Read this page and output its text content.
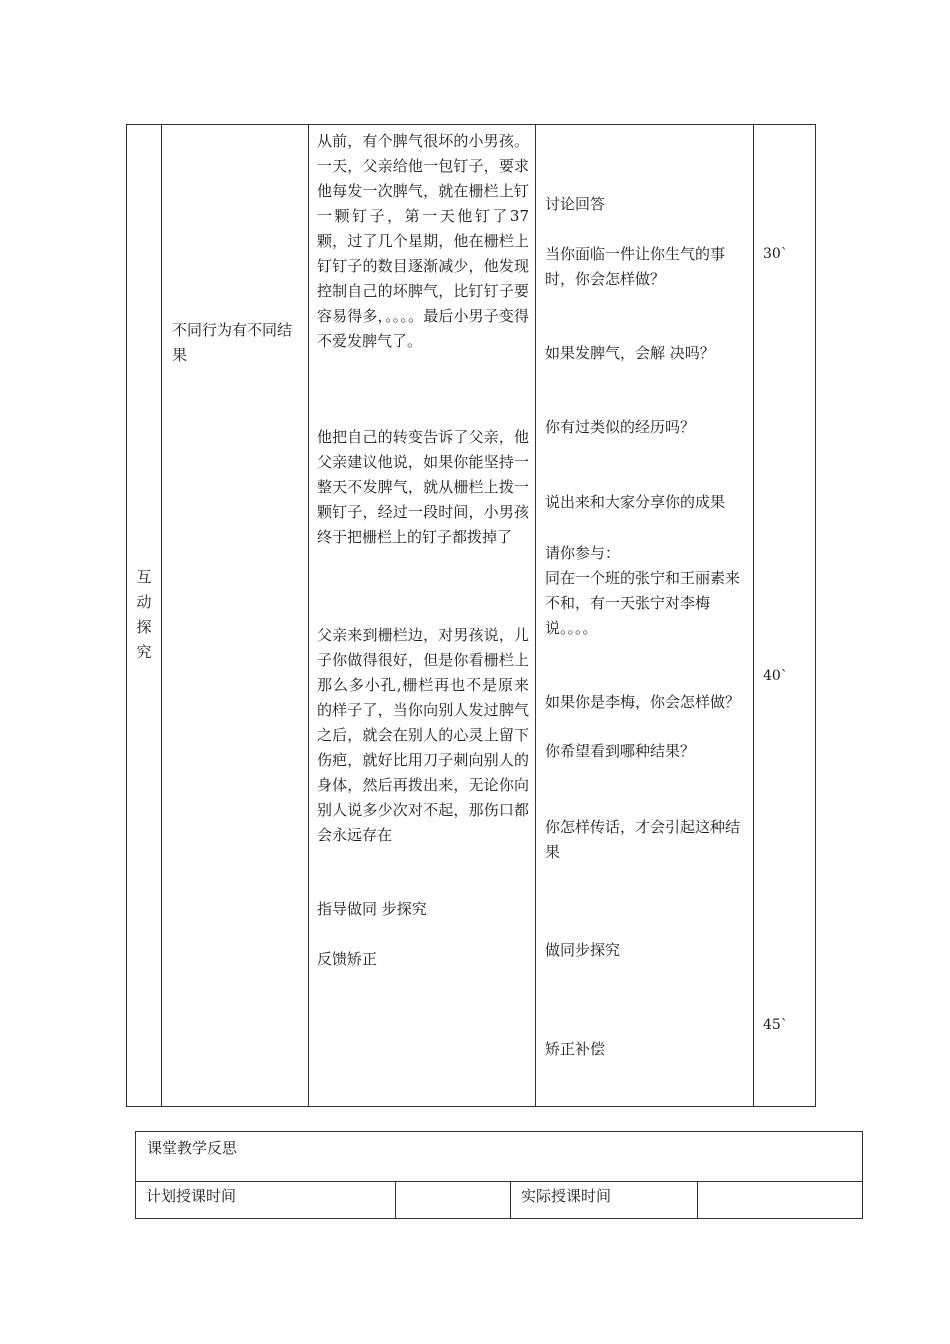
互
动
探
究
不同行为有不同结果
从前，有个脾气很坏的小男孩。一天，父亲给他一包钉子，要求他每发一次脾气，就在栅栏上钉一颗钉子，第一天他钉了37颗，过了几个星期，他在栅栏上钉钉子的数目逐渐减少，他发现控制自己的坏脾气，比钉钉子要容易得多，。。。。最后小男子变得不爱发脾气了。
他把自己的转变告诉了父亲，他父亲建议他说，如果你能坚持一整天不发脾气，就从栅栏上拨一颗钉子，经过一段时间，小男孩终于把栅栏上的钉子都拨掉了
父亲来到栅栏边，对男孩说，儿子你做得很好，但是你看栅栏上那么多小孔,栅栏再也不是原来的样子了，当你向别人发过脾气之后，就会在别人的心灵上留下伤疤，就好比用刀子刺向别人的身体，然后再拨出来，无论你向别人说多少次对不起，那伤口都会永远存在
指导做同 步探究
反馈矫正
讨论回答
当你面临一件让你生气的事时，你会怎样做？
如果发脾气，会解 决吗？
你有过类似的经历吗？
说出来和大家分享你的成果
请你参与：
同在一个班的张宁和王丽素来不和，有一天张宁对李梅说。。。。
如果你是李梅，你会怎样做？
你希望看到哪种结果？
你怎样传话，才会引起这种结果
做同步探究
矫正补偿
30`
40`
45`
课堂教学反思
计划授课时间	实际授课时间
